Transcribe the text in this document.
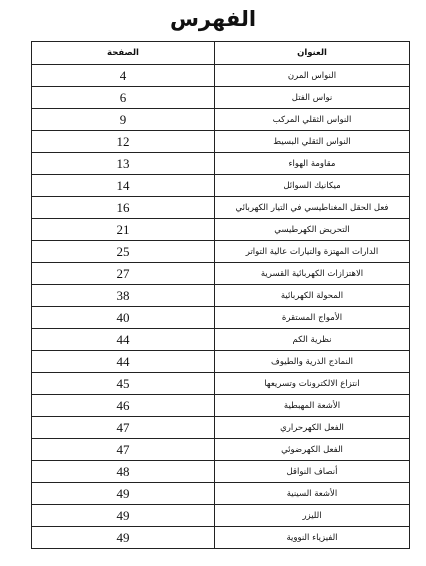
الفهرس
الصفحة	العنوان
4	النواس المرن
6	نواس الفتل
9	النواس الثقلي المركب
12	النواس الثقلي البسيط
13	مقاومة الهواء
14	ميكانيك السوائل
16	فعل الحقل المغناطيسي في التيار الكهربائي
21	التحريض الكهرطيسي
25	الدارات المهتزة والتيارات عالية التواتر
27	الاهتزازات الكهربائية القسرية
38	المحولة الكهربائية
40	الأمواج المستقرة
44	نظرية الكم
44	النماذج الذرية والطيوف
45	انتزاع الالكترونات وتسريعها
46	الأشعة المهبطية
47	الفعل الكهرحراري
47	الفعل الكهرضوئي
48	أنصاف النواقل
49	الأشعة السينية
49	الليزر
49	الفيزياء النووية
